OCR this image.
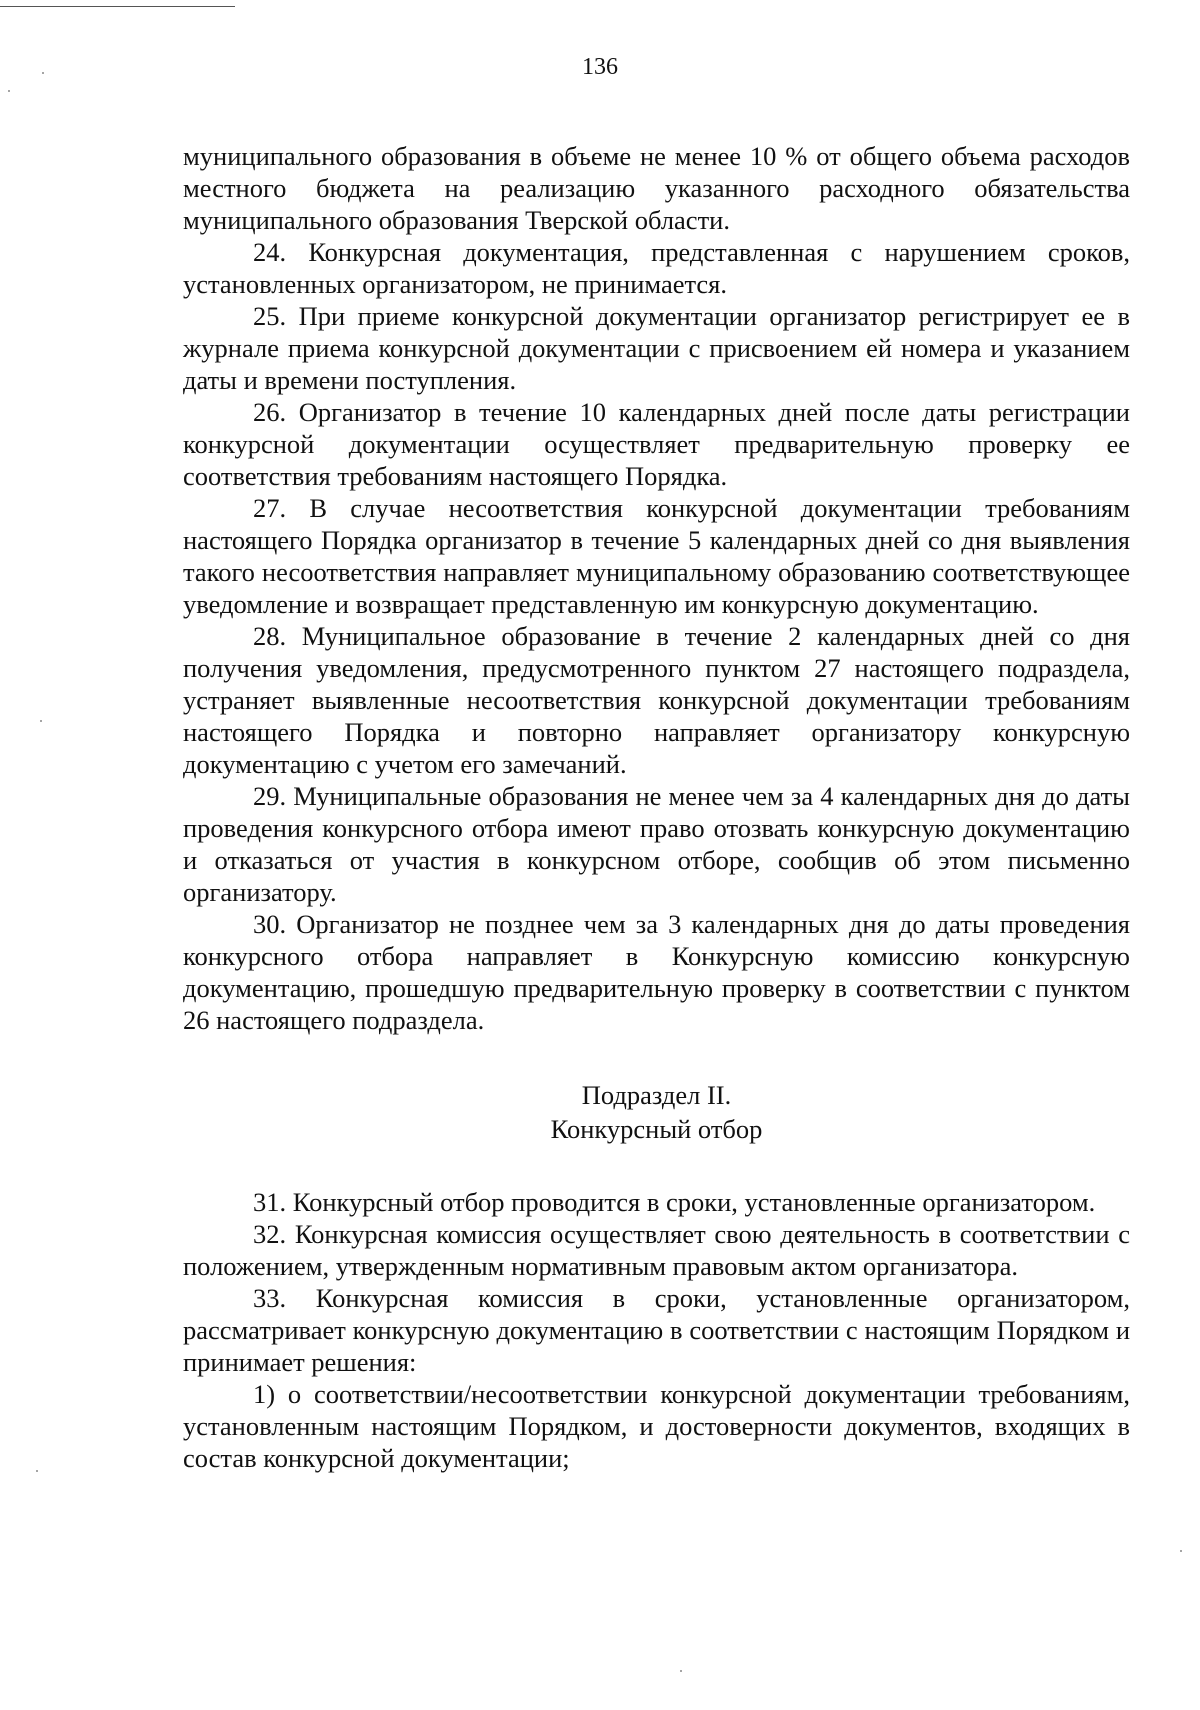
136

муниципального образования в объеме не менее 10 % от общего объема расходов местного бюджета на реализацию указанного расходного обязательства муниципального образования Тверской области.

24. Конкурсная документация, представленная с нарушением сроков, установленных организатором, не принимается.

25. При приеме конкурсной документации организатор регистрирует ее в журнале приема конкурсной документации с присвоением ей номера и указанием даты и времени поступления.

26. Организатор в течение 10 календарных дней после даты регистрации конкурсной документации осуществляет предварительную проверку ее соответствия требованиям настоящего Порядка.

27. В случае несоответствия конкурсной документации требованиям настоящего Порядка организатор в течение 5 календарных дней со дня выявления такого несоответствия направляет муниципальному образованию соответствующее уведомление и возвращает представленную им конкурсную документацию.

28. Муниципальное образование в течение 2 календарных дней со дня получения уведомления, предусмотренного пунктом 27 настоящего подраздела, устраняет выявленные несоответствия конкурсной документации требованиям настоящего Порядка и повторно направляет организатору конкурсную документацию с учетом его замечаний.

29. Муниципальные образования не менее чем за 4 календарных дня до даты проведения конкурсного отбора имеют право отозвать конкурсную документацию и отказаться от участия в конкурсном отборе, сообщив об этом письменно организатору.

30. Организатор не позднее чем за 3 календарных дня до даты проведения конкурсного отбора направляет в Конкурсную комиссию конкурсную документацию, прошедшую предварительную проверку в соответствии с пунктом 26 настоящего подраздела.

Подраздел II.
Конкурсный отбор

31. Конкурсный отбор проводится в сроки, установленные организатором.

32. Конкурсная комиссия осуществляет свою деятельность в соответствии с положением, утвержденным нормативным правовым актом организатора.

33. Конкурсная комиссия в сроки, установленные организатором, рассматривает конкурсную документацию в соответствии с настоящим Порядком и принимает решения:

1) о соответствии/несоответствии конкурсной документации требованиям, установленным настоящим Порядком, и достоверности документов, входящих в состав конкурсной документации;
